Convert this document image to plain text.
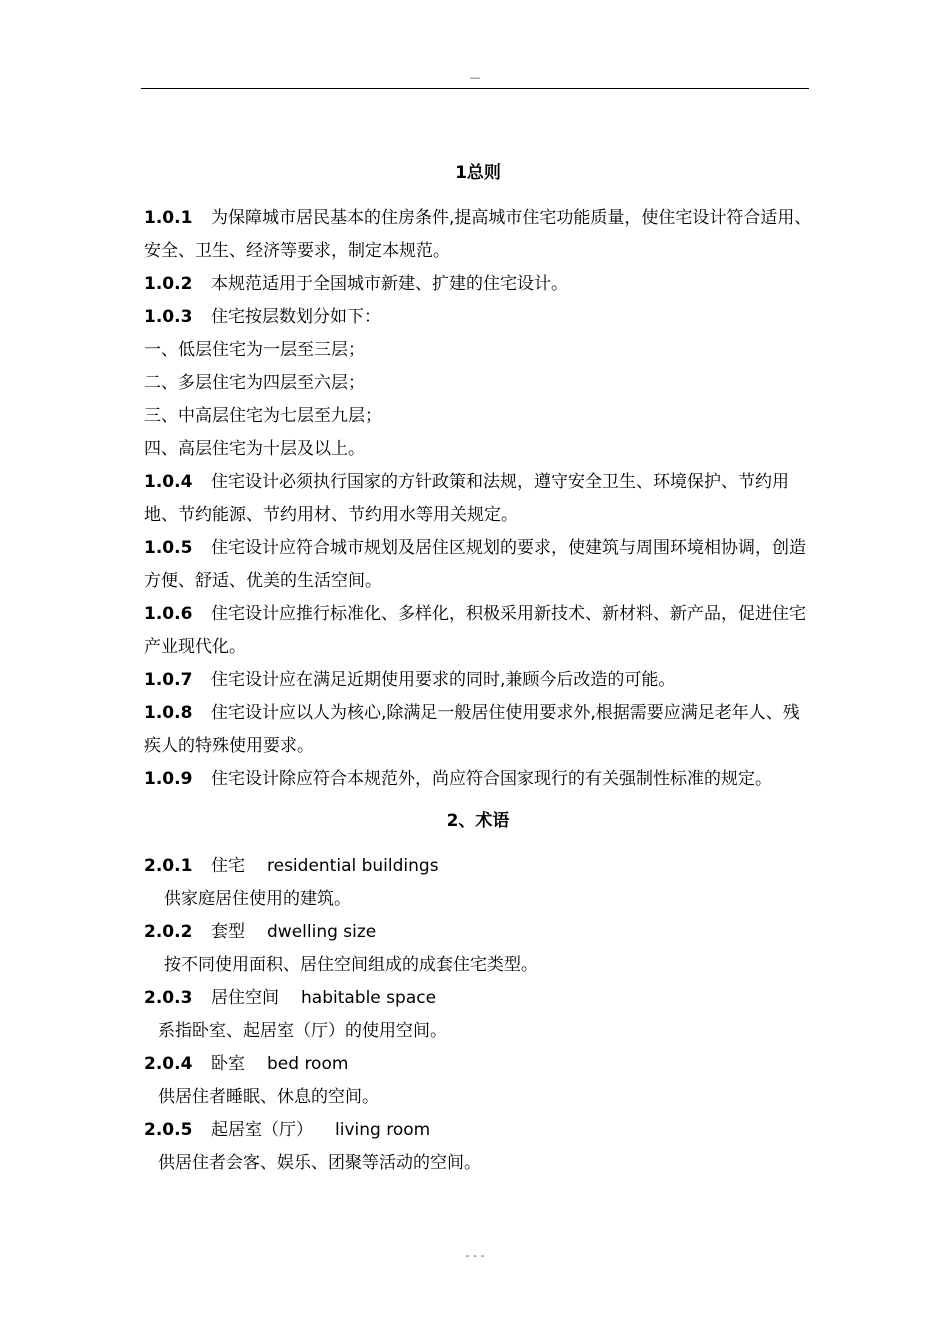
—
1总则

1.0.1 为保障城市居民基本的住房条件,提高城市住宅功能质量，使住宅设计符合适用、安全、卫生、经济等要求，制定本规范。

1.0.2 本规范适用于全国城市新建、扩建的住宅设计。

1.0.3 住宅按层数划分如下：

一、低层住宅为一层至三层；

二、多层住宅为四层至六层；

三、中高层住宅为七层至九层；

四、高层住宅为十层及以上。

1.0.4 住宅设计必须执行国家的方针政策和法规，遵守安全卫生、环境保护、节约用地、节约能源、节约用材、节约用水等用关规定。

1.0.5 住宅设计应符合城市规划及居住区规划的要求，使建筑与周围环境相协调，创造方便、舒适、优美的生活空间。

1.0.6 住宅设计应推行标准化、多样化，积极采用新技术、新材料、新产品，促进住宅产业现代化。

1.0.7 住宅设计应在满足近期使用要求的同时,兼顾今后改造的可能。

1.0.8 住宅设计应以人为核心,除满足一般居住使用要求外,根据需要应满足老年人、残疾人的特殊使用要求。

1.0.9 住宅设计除应符合本规范外，尚应符合国家现行的有关强制性标准的规定。

2、术语

2.0.1 住宅 residential buildings

供家庭居住使用的建筑。

2.0.2 套型 dwelling size

按不同使用面积、居住空间组成的成套住宅类型。

2.0.3 居住空间 habitable space

系指卧室、起居室（厅）的使用空间。

2.0.4 卧室 bed room

供居住者睡眠、休息的空间。

2.0.5 起居室（厅） living room

供居住者会客、娱乐、团聚等活动的空间。

- - -
